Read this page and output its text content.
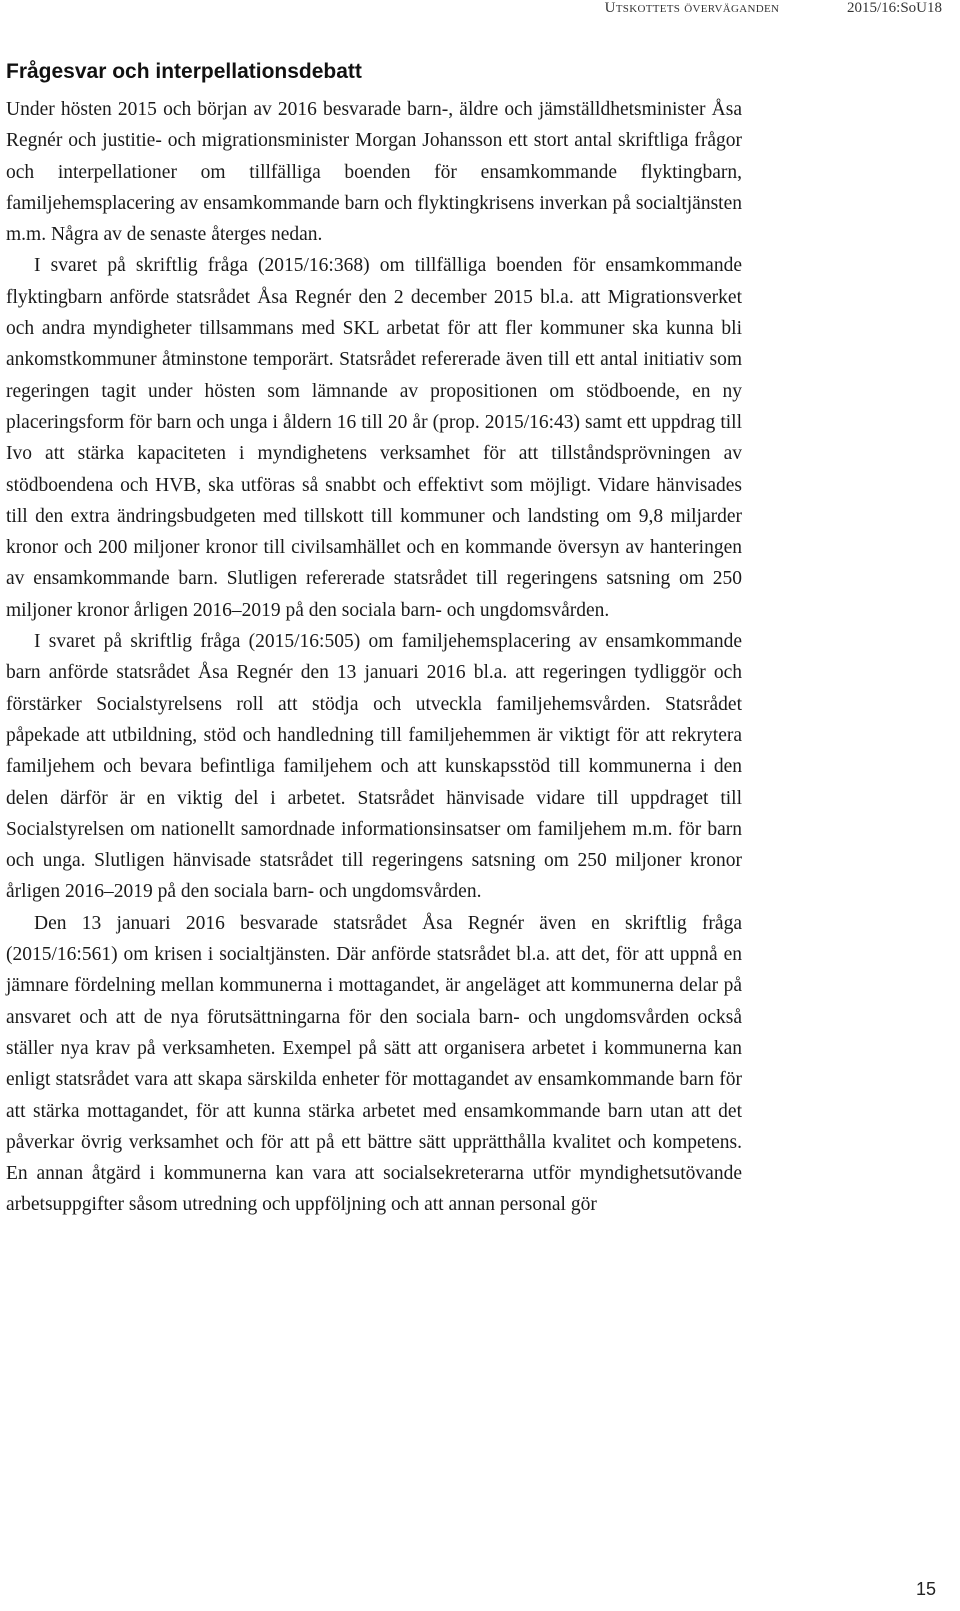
Utskottets överväganden	2015/16:SoU18
Frågesvar och interpellationsdebatt

Under hösten 2015 och början av 2016 besvarade barn-, äldre och jämställdhetsminister Åsa Regnér och justitie- och migrationsminister Morgan Johansson ett stort antal skriftliga frågor och interpellationer om tillfälliga boenden för ensamkommande flyktingbarn, familjehemsplacering av ensamkommande barn och flyktingkrisens inverkan på socialtjänsten m.m. Några av de senaste återges nedan.

I svaret på skriftlig fråga (2015/16:368) om tillfälliga boenden för ensamkommande flyktingbarn anförde statsrådet Åsa Regnér den 2 december 2015 bl.a. att Migrationsverket och andra myndigheter tillsammans med SKL arbetat för att fler kommuner ska kunna bli ankomstkommuner åtminstone temporärt. Statsrådet refererade även till ett antal initiativ som regeringen tagit under hösten som lämnande av propositionen om stödboende, en ny placeringsform för barn och unga i åldern 16 till 20 år (prop. 2015/16:43) samt ett uppdrag till Ivo att stärka kapaciteten i myndighetens verksamhet för att tillståndsprövningen av stödboendena och HVB, ska utföras så snabbt och effektivt som möjligt. Vidare hänvisades till den extra ändringsbudgeten med tillskott till kommuner och landsting om 9,8 miljarder kronor och 200 miljoner kronor till civilsamhället och en kommande översyn av hanteringen av ensamkommande barn. Slutligen refererade statsrådet till regeringens satsning om 250 miljoner kronor årligen 2016–2019 på den sociala barn- och ungdomsvården.

I svaret på skriftlig fråga (2015/16:505) om familjehemsplacering av ensamkommande barn anförde statsrådet Åsa Regnér den 13 januari 2016 bl.a. att regeringen tydliggör och förstärker Socialstyrelsens roll att stödja och utveckla familjehemsvården. Statsrådet påpekade att utbildning, stöd och handledning till familjehemmen är viktigt för att rekrytera familjehem och bevara befintliga familjehem och att kunskapsstöd till kommunerna i den delen därför är en viktig del i arbetet. Statsrådet hänvisade vidare till uppdraget till Socialstyrelsen om nationellt samordnade informationsinsatser om familjehem m.m. för barn och unga. Slutligen hänvisade statsrådet till regeringens satsning om 250 miljoner kronor årligen 2016–2019 på den sociala barn- och ungdomsvården.

Den 13 januari 2016 besvarade statsrådet Åsa Regnér även en skriftlig fråga (2015/16:561) om krisen i socialtjänsten. Där anförde statsrådet bl.a. att det, för att uppnå en jämnare fördelning mellan kommunerna i mottagandet, är angeläget att kommunerna delar på ansvaret och att de nya förutsättningarna för den sociala barn- och ungdomsvården också ställer nya krav på verksamheten. Exempel på sätt att organisera arbetet i kommunerna kan enligt statsrådet vara att skapa särskilda enheter för mottagandet av ensamkommande barn för att stärka mottagandet, för att kunna stärka arbetet med ensamkommande barn utan att det påverkar övrig verksamhet och för att på ett bättre sätt upprätthålla kvalitet och kompetens. En annan åtgärd i kommunerna kan vara att socialsekreterarna utför myndighetsutövande arbetsuppgifter såsom utredning och uppföljning och att annan personal gör

15
